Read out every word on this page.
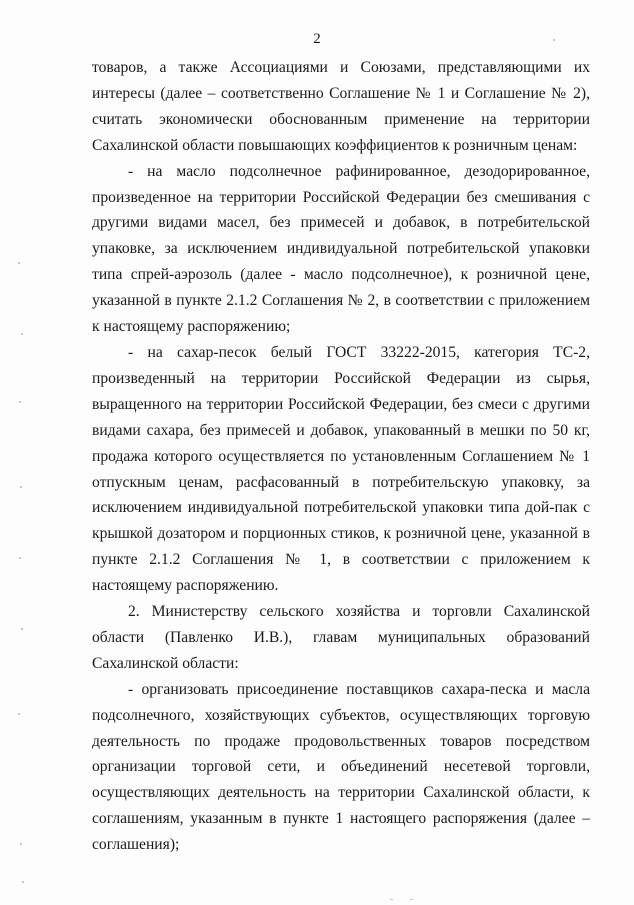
2

товаров, а также Ассоциациями и Союзами, представляющими их интересы (далее – соответственно Соглашение № 1 и Соглашение № 2), считать экономически обоснованным применение на территории Сахалинской области повышающих коэффициентов к розничным ценам:

- на масло подсолнечное рафинированное, дезодорированное, произведенное на территории Российской Федерации без смешивания с другими видами масел, без примесей и добавок, в потребительской упаковке, за исключением индивидуальной потребительской упаковки типа спрей-аэрозоль (далее - масло подсолнечное), к розничной цене, указанной в пункте 2.1.2 Соглашения № 2, в соответствии с приложением к настоящему распоряжению;

- на сахар-песок белый ГОСТ 33222-2015, категория ТС-2, произведенный на территории Российской Федерации из сырья, выращенного на территории Российской Федерации, без смеси с другими видами сахара, без примесей и добавок, упакованный в мешки по 50 кг, продажа которого осуществляется по установленным Соглашением № 1 отпускным ценам, расфасованный в потребительскую упаковку, за исключением индивидуальной потребительской упаковки типа дой-пак с крышкой дозатором и порционных стиков, к розничной цене, указанной в пункте 2.1.2 Соглашения № 1, в соответствии с приложением к настоящему распоряжению.

2. Министерству сельского хозяйства и торговли Сахалинской области (Павленко И.В.), главам муниципальных образований Сахалинской области:

- организовать присоединение поставщиков сахара-песка и масла подсолнечного, хозяйствующих субъектов, осуществляющих торговую деятельность по продаже продовольственных товаров посредством организации торговой сети, и объединений несетевой торговли, осуществляющих деятельность на территории Сахалинской области, к соглашениям, указанным в пункте 1 настоящего распоряжения (далее – соглашения);
